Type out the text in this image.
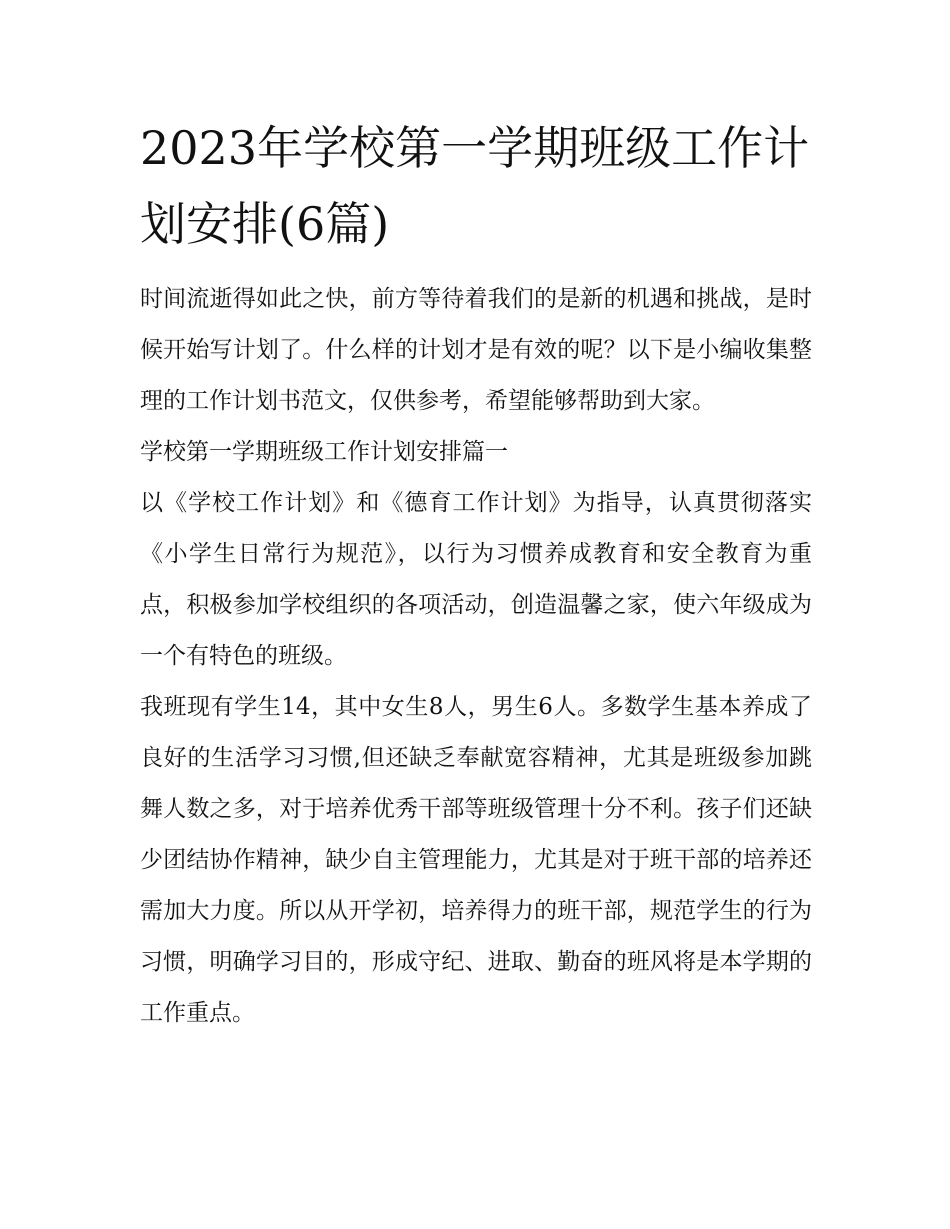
2023年学校第一学期班级工作计划安排(6篇)

时间流逝得如此之快，前方等待着我们的是新的机遇和挑战，是时候开始写计划了。什么样的计划才是有效的呢？以下是小编收集整理的工作计划书范文，仅供参考，希望能够帮助到大家。

学校第一学期班级工作计划安排篇一

以《学校工作计划》和《德育工作计划》为指导，认真贯彻落实《小学生日常行为规范》，以行为习惯养成教育和安全教育为重点，积极参加学校组织的各项活动，创造温馨之家，使六年级成为一个有特色的班级。

我班现有学生14，其中女生8人，男生6人。多数学生基本养成了良好的生活学习习惯,但还缺乏奉献宽容精神，尤其是班级参加跳舞人数之多，对于培养优秀干部等班级管理十分不利。孩子们还缺少团结协作精神，缺少自主管理能力，尤其是对于班干部的培养还需加大力度。所以从开学初，培养得力的班干部，规范学生的行为习惯，明确学习目的，形成守纪、进取、勤奋的班风将是本学期的工作重点。
